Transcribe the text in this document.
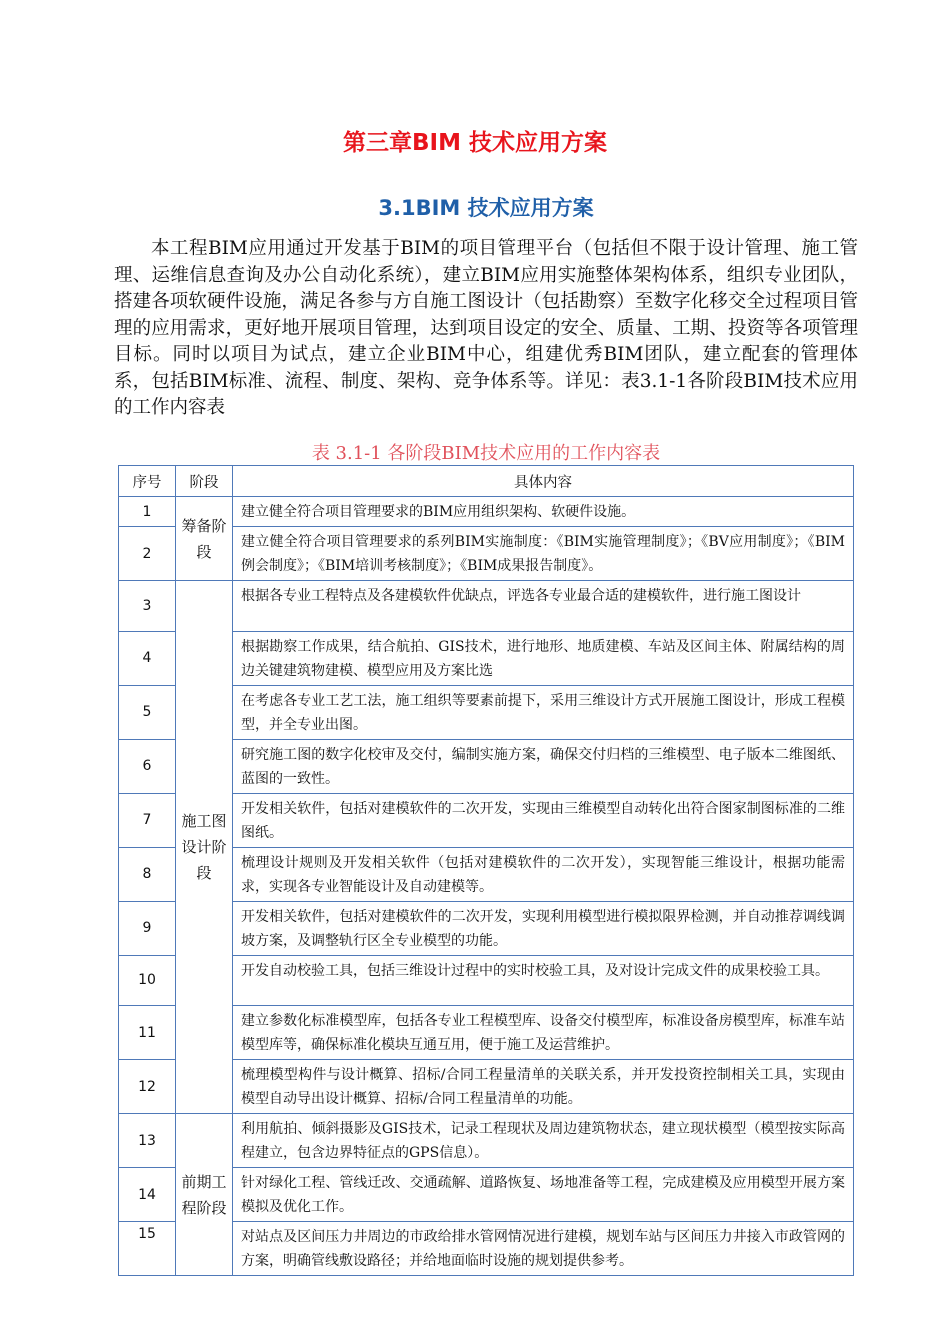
第三章BIM 技术应用方案
3.1BIM 技术应用方案

本工程BIM应用通过开发基于BIM的项目管理平台（包括但不限于设计管理、施工管理、运维信息查询及办公自动化系统），建立BIM应用实施整体架构体系，组织专业团队，搭建各项软硬件设施，满足各参与方自施工图设计（包括勘察）至数字化移交全过程项目管理的应用需求，更好地开展项目管理，达到项目设定的安全、质量、工期、投资等各项管理目标。同时以项目为试点，建立企业BIM中心，组建优秀BIM团队，建立配套的管理体系，包括BIM标准、流程、制度、架构、竞争体系等。详见：表3.1-1各阶段BIM技术应用的工作内容表

表 3.1-1 各阶段BIM技术应用的工作内容表
序号	阶段	具体内容
1	筹备阶段	建立健全符合项目管理要求的BIM应用组织架构、软硬件设施。
2		建立健全符合项目管理要求的系列BIM实施制度：《BIM实施管理制度》；《BV应用制度》；《BIM例会制度》；《BIM培训考核制度》；《BIM成果报告制度》。
3	施工图设计阶段	根据各专业工程特点及各建模软件优缺点，评选各专业最合适的建模软件，进行施工图设计
4		根据勘察工作成果，结合航拍、GIS技术，进行地形、地质建模、车站及区间主体、附属结构的周边关键建筑物建模、模型应用及方案比选
5		在考虑各专业工艺工法，施工组织等要素前提下，采用三维设计方式开展施工图设计，形成工程模型，并全专业出图。
6		研究施工图的数字化校审及交付，编制实施方案，确保交付归档的三维模型、电子版本二维图纸、蓝图的一致性。
7		开发相关软件，包括对建模软件的二次开发，实现由三维模型自动转化出符合图家制图标准的二维图纸。
8		梳理设计规则及开发相关软件（包括对建模软件的二次开发），实现智能三维设计，根据功能需求，实现各专业智能设计及自动建模等。
9		开发相关软件，包括对建模软件的二次开发，实现利用模型进行模拟限界检测，并自动推荐调线调坡方案，及调整轨行区全专业模型的功能。
10		开发自动校验工具，包括三维设计过程中的实时校验工具，及对设计完成文件的成果校验工具。
11		建立参数化标准模型库，包括各专业工程模型库、设备交付模型库，标准设备房模型库，标准车站模型库等，确保标准化模块互通互用，便于施工及运营维护。
12		梳理模型构件与设计概算、招标/合同工程量清单的关联关系，并开发投资控制相关工具，实现由模型自动导出设计概算、招标/合同工程量清单的功能。
13	前期工程阶段	利用航拍、倾斜摄影及GIS技术，记录工程现状及周边建筑物状态，建立现状模型（模型按实际高程建立，包含边界特征点的GPS信息）。
14		针对绿化工程、管线迁改、交通疏解、道路恢复、场地准备等工程，完成建模及应用模型开展方案模拟及优化工作。
15		对站点及区间压力井周边的市政给排水管网情况进行建模，规划车站与区间压力井接入市政管网的方案，明确管线敷设路径；并给地面临时设施的规划提供参考。
